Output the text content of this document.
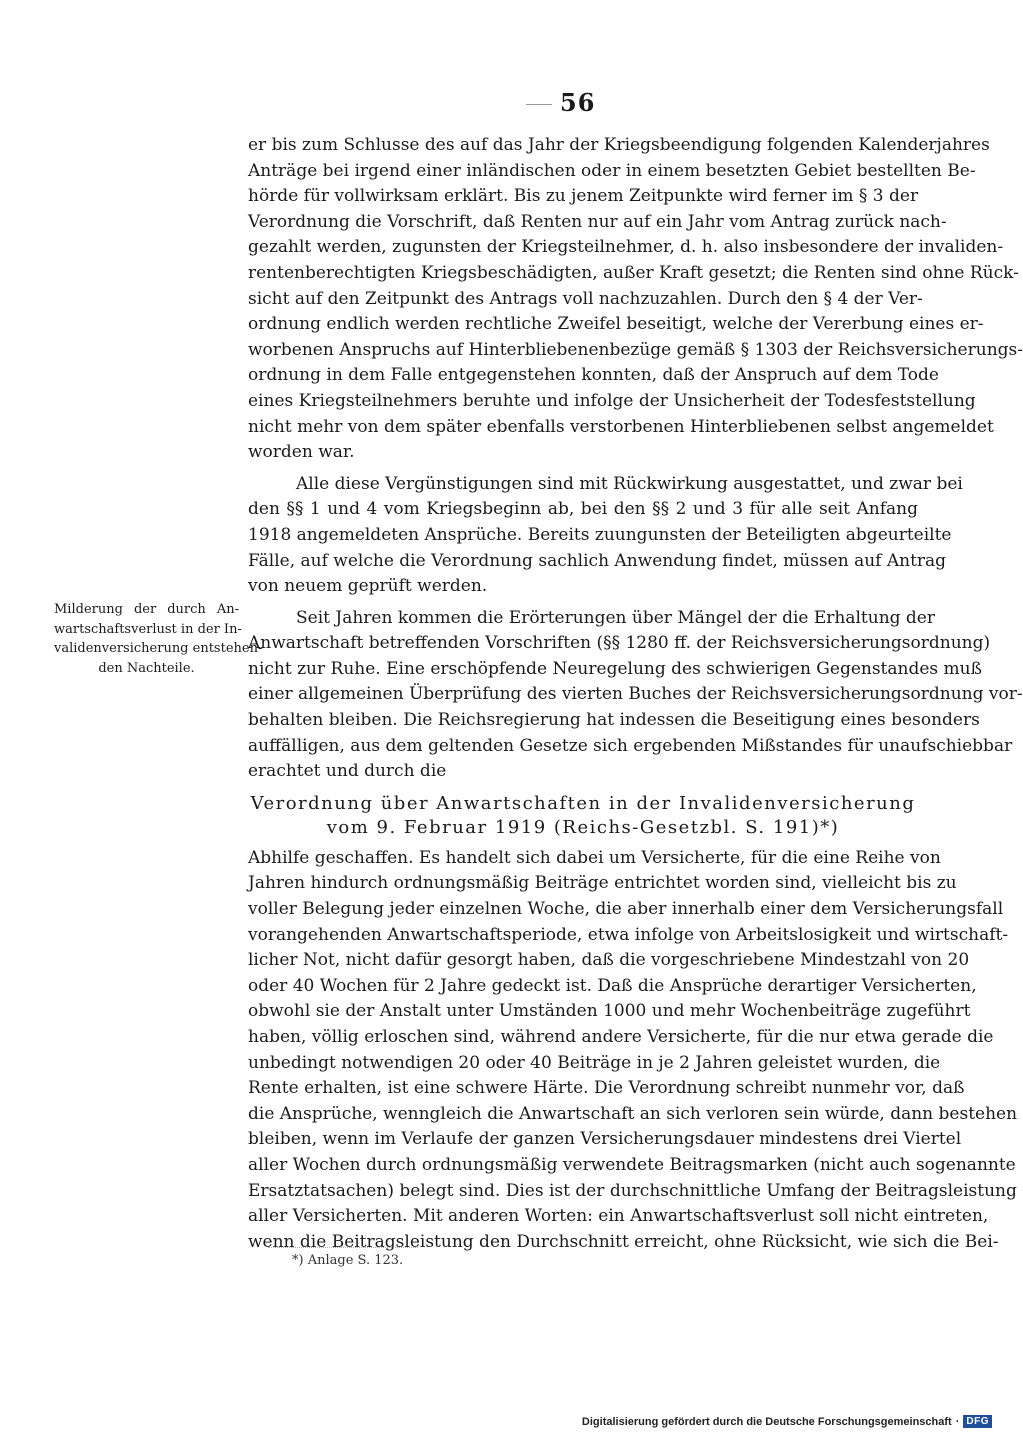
56
Milderung der durch An-
wartschaftsverlust in der In-
validenversicherung entstehen-
den Nachteile.
er bis zum Schlusse des auf das Jahr der Kriegsbeendigung folgenden Kalenderjahres
Anträge bei irgend einer inländischen oder in einem besetzten Gebiet bestellten Be-
hörde für vollwirksam erklärt. Bis zu jenem Zeitpunkte wird ferner im § 3 der
Verordnung die Vorschrift, daß Renten nur auf ein Jahr vom Antrag zurück nach-
gezahlt werden, zugunsten der Kriegsteilnehmer, d. h. also insbesondere der invaliden-
rentenberechtigten Kriegsbeschädigten, außer Kraft gesetzt; die Renten sind ohne Rück-
sicht auf den Zeitpunkt des Antrags voll nachzuzahlen. Durch den § 4 der Ver-
ordnung endlich werden rechtliche Zweifel beseitigt, welche der Vererbung eines er-
worbenen Anspruchs auf Hinterbliebenenbezüge gemäß § 1303 der Reichsversicherungs-
ordnung in dem Falle entgegenstehen konnten, daß der Anspruch auf dem Tode
eines Kriegsteilnehmers beruhte und infolge der Unsicherheit der Todesfeststellung
nicht mehr von dem später ebenfalls verstorbenen Hinterbliebenen selbst angemeldet
worden war.
Alle diese Vergünstigungen sind mit Rückwirkung ausgestattet, und zwar bei
den §§ 1 und 4 vom Kriegsbeginn ab, bei den §§ 2 und 3 für alle seit Anfang
1918 angemeldeten Ansprüche. Bereits zuungunsten der Beteiligten abgeurteilte
Fälle, auf welche die Verordnung sachlich Anwendung findet, müssen auf Antrag
von neuem geprüft werden.
Seit Jahren kommen die Erörterungen über Mängel der die Erhaltung der
Anwartschaft betreffenden Vorschriften (§§ 1280 ff. der Reichsversicherungsordnung)
nicht zur Ruhe. Eine erschöpfende Neuregelung des schwierigen Gegenstandes muß
einer allgemeinen Überprüfung des vierten Buches der Reichsversicherungsordnung vor-
behalten bleiben. Die Reichsregierung hat indessen die Beseitigung eines besonders
auffälligen, aus dem geltenden Gesetze sich ergebenden Mißstandes für unaufschiebbar
erachtet und durch die
Verordnung über Anwartschaften in der Invalidenversicherung
vom 9. Februar 1919 (Reichs-Gesetzbl. S. 191)*)
Abhilfe geschaffen. Es handelt sich dabei um Versicherte, für die eine Reihe von
Jahren hindurch ordnungsmäßig Beiträge entrichtet worden sind, vielleicht bis zu
voller Belegung jeder einzelnen Woche, die aber innerhalb einer dem Versicherungsfall
vorangehenden Anwartschaftsperiode, etwa infolge von Arbeitslosigkeit und wirtschaft-
licher Not, nicht dafür gesorgt haben, daß die vorgeschriebene Mindestzahl von 20
oder 40 Wochen für 2 Jahre gedeckt ist. Daß die Ansprüche derartiger Versicherten,
obwohl sie der Anstalt unter Umständen 1000 und mehr Wochenbeiträge zugeführt
haben, völlig erloschen sind, während andere Versicherte, für die nur etwa gerade die
unbedingt notwendigen 20 oder 40 Beiträge in je 2 Jahren geleistet wurden, die
Rente erhalten, ist eine schwere Härte. Die Verordnung schreibt nunmehr vor, daß
die Ansprüche, wenngleich die Anwartschaft an sich verloren sein würde, dann bestehen
bleiben, wenn im Verlaufe der ganzen Versicherungsdauer mindestens drei Viertel
aller Wochen durch ordnungsmäßig verwendete Beitragsmarken (nicht auch sogenannte
Ersatztatsachen) belegt sind. Dies ist der durchschnittliche Umfang der Beitragsleistung
aller Versicherten. Mit anderen Worten: ein Anwartschaftsverlust soll nicht eintreten,
wenn die Beitragsleistung den Durchschnitt erreicht, ohne Rücksicht, wie sich die Bei-
*) Anlage S. 123.
Digitalisierung gefördert durch die Deutsche Forschungsgemeinschaft · DFG
